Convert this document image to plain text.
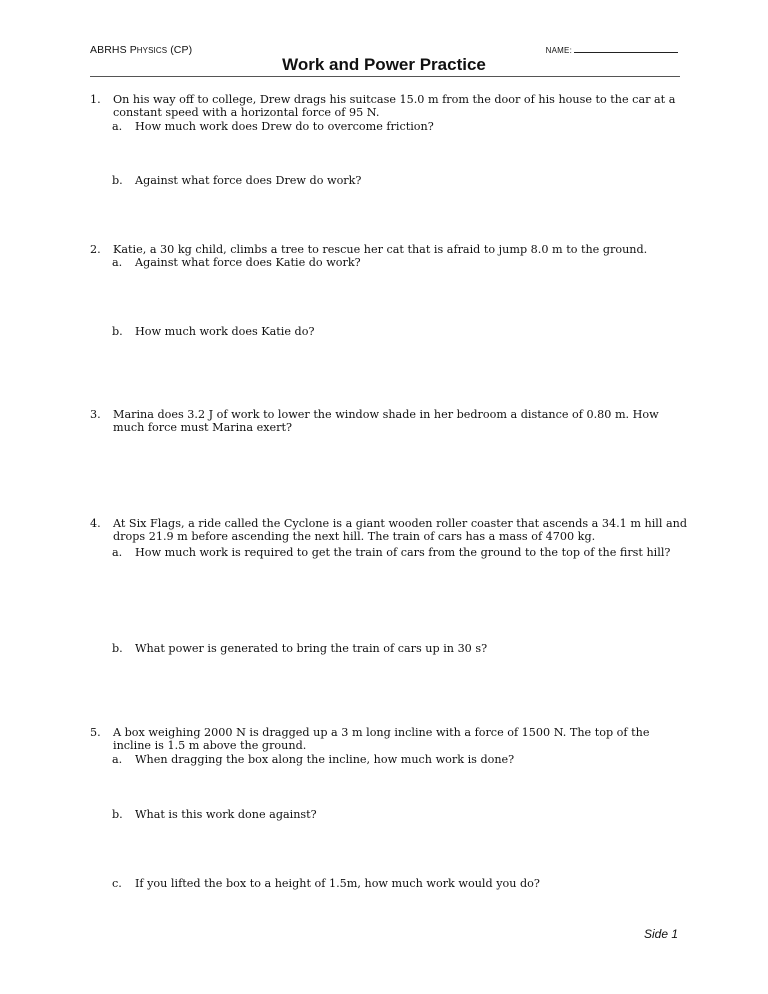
ABRHS PHYSICS (CP)	NAME:
Work and Power Practice
1. On his way off to college, Drew drags his suitcase 15.0 m from the door of his house to the car at a constant speed with a horizontal force of 95 N.
a. How much work does Drew do to overcome friction?
b. Against what force does Drew do work?
2. Katie, a 30 kg child, climbs a tree to rescue her cat that is afraid to jump 8.0 m to the ground.
a. Against what force does Katie do work?
b. How much work does Katie do?
3. Marina does 3.2 J of work to lower the window shade in her bedroom a distance of 0.80 m. How much force must Marina exert?
4. At Six Flags, a ride called the Cyclone is a giant wooden roller coaster that ascends a 34.1 m hill and drops 21.9 m before ascending the next hill. The train of cars has a mass of 4700 kg.
a. How much work is required to get the train of cars from the ground to the top of the first hill?
b. What power is generated to bring the train of cars up in 30 s?
5. A box weighing 2000 N is dragged up a 3 m long incline with a force of 1500 N. The top of the incline is 1.5 m above the ground.
a. When dragging the box along the incline, how much work is done?
b. What is this work done against?
c. If you lifted the box to a height of 1.5m, how much work would you do?
Side 1
